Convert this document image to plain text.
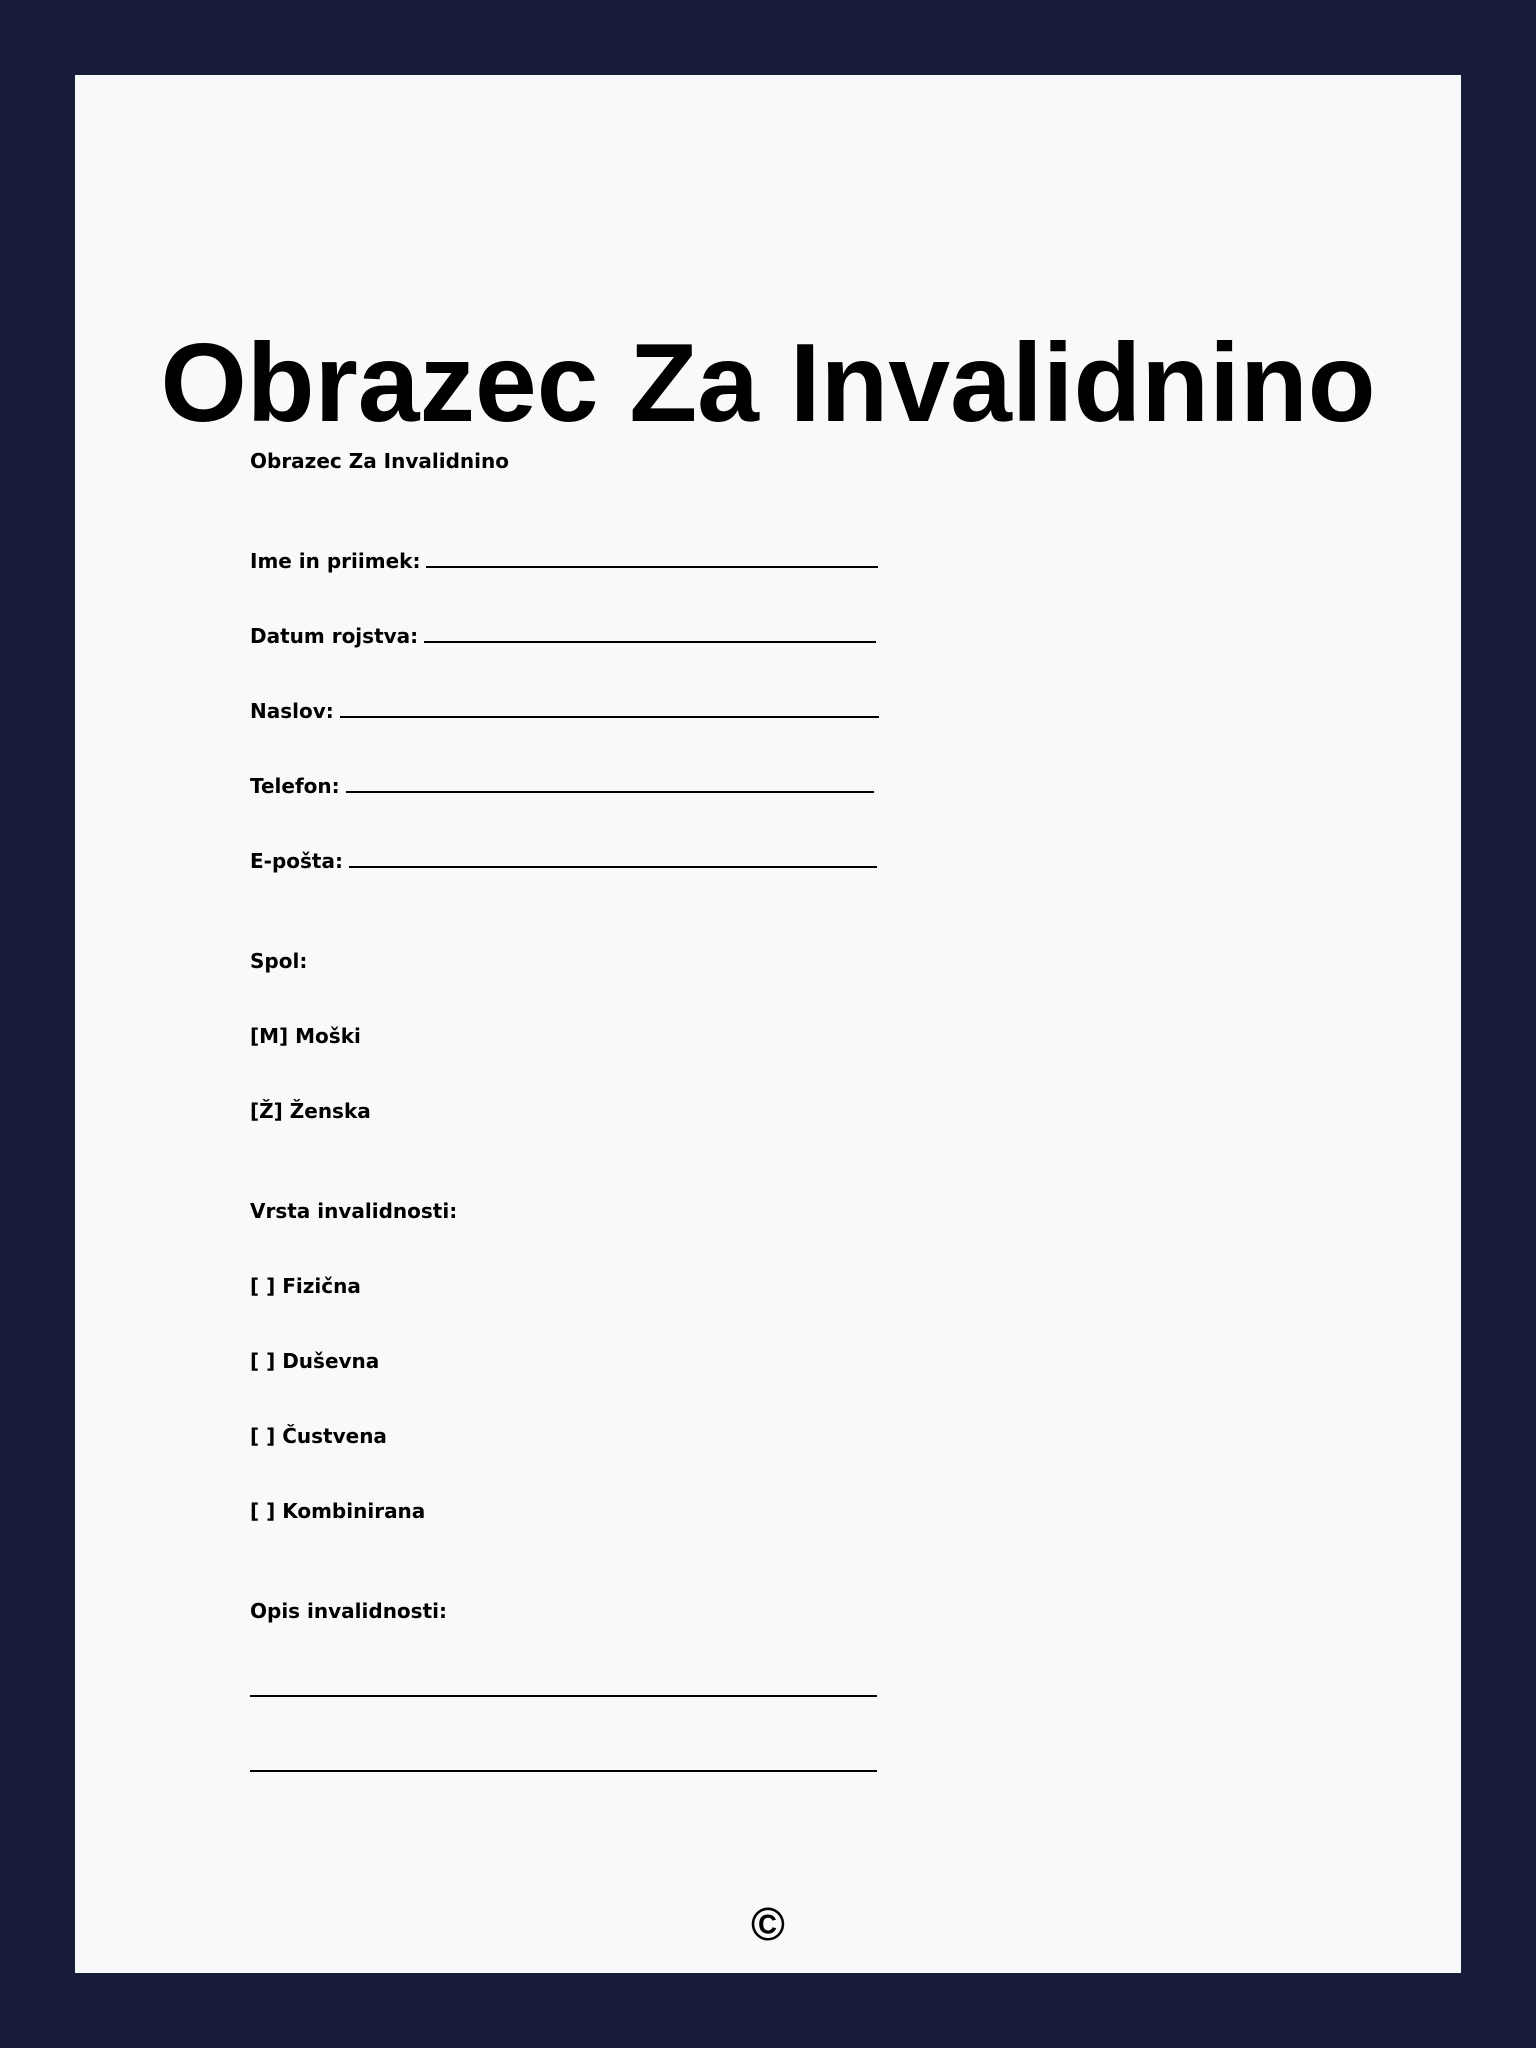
Obrazec Za Invalidnino
Obrazec Za Invalidnino
Ime in priimek:
Datum rojstva:
Naslov:
Telefon:
E-pošta:
Spol:
[M] Moški
[Ž] Ženska
Vrsta invalidnosti:
[ ] Fizična
[ ] Duševna
[ ] Čustvena
[ ] Kombinirana
Opis invalidnosti:
©
